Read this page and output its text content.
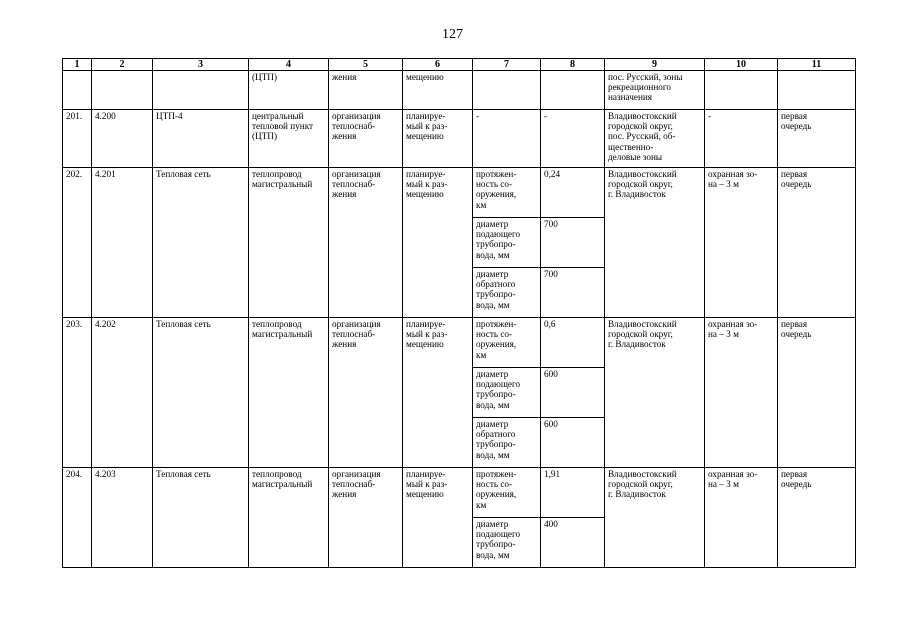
127
1	2	3	4	5	6	7	8	9	10	11
			(ЦТП)	жения	мещению			пос. Русский, зоны
рекреационного
назначения		
201.	4.200	ЦТП-4	центральный
тепловой пункт
(ЦТП)	организация
теплоснаб-
жения	планируе-
мый к раз-
мещению	-	-	Владивостокский
городской округ,
пос. Русский, об-
щественно-
деловые зоны	-	первая
очередь
202.	4.201	Тепловая сеть	теплопровод
магистральный	организация
теплоснаб-
жения	планируе-
мый к раз-
мещению	протяжен-
ность со-
оружения,
км	0,24	Владивостокский
городской округ,
г. Владивосток	охранная зо-
на – 3 м	первая
очередь
						диаметр
подающего
трубопро-
вода, мм	700			
						диаметр
обратного
трубопро-
вода, мм	700			
203.	4.202	Тепловая сеть	теплопровод
магистральный	организация
теплоснаб-
жения	планируе-
мый к раз-
мещению	протяжен-
ность со-
оружения,
км	0,6	Владивостокский
городской округ,
г. Владивосток	охранная зо-
на – 3 м	первая
очередь
						диаметр
подающего
трубопро-
вода, мм	600			
						диаметр
обратного
трубопро-
вода, мм	600			
204.	4.203	Тепловая сеть	теплопровод
магистральный	организация
теплоснаб-
жения	планируе-
мый к раз-
мещению	протяжен-
ность со-
оружения,
км	1,91	Владивостокский
городской округ,
г. Владивосток	охранная зо-
на – 3 м	первая
очередь
						диаметр
подающего
трубопро-
вода, мм	400			
